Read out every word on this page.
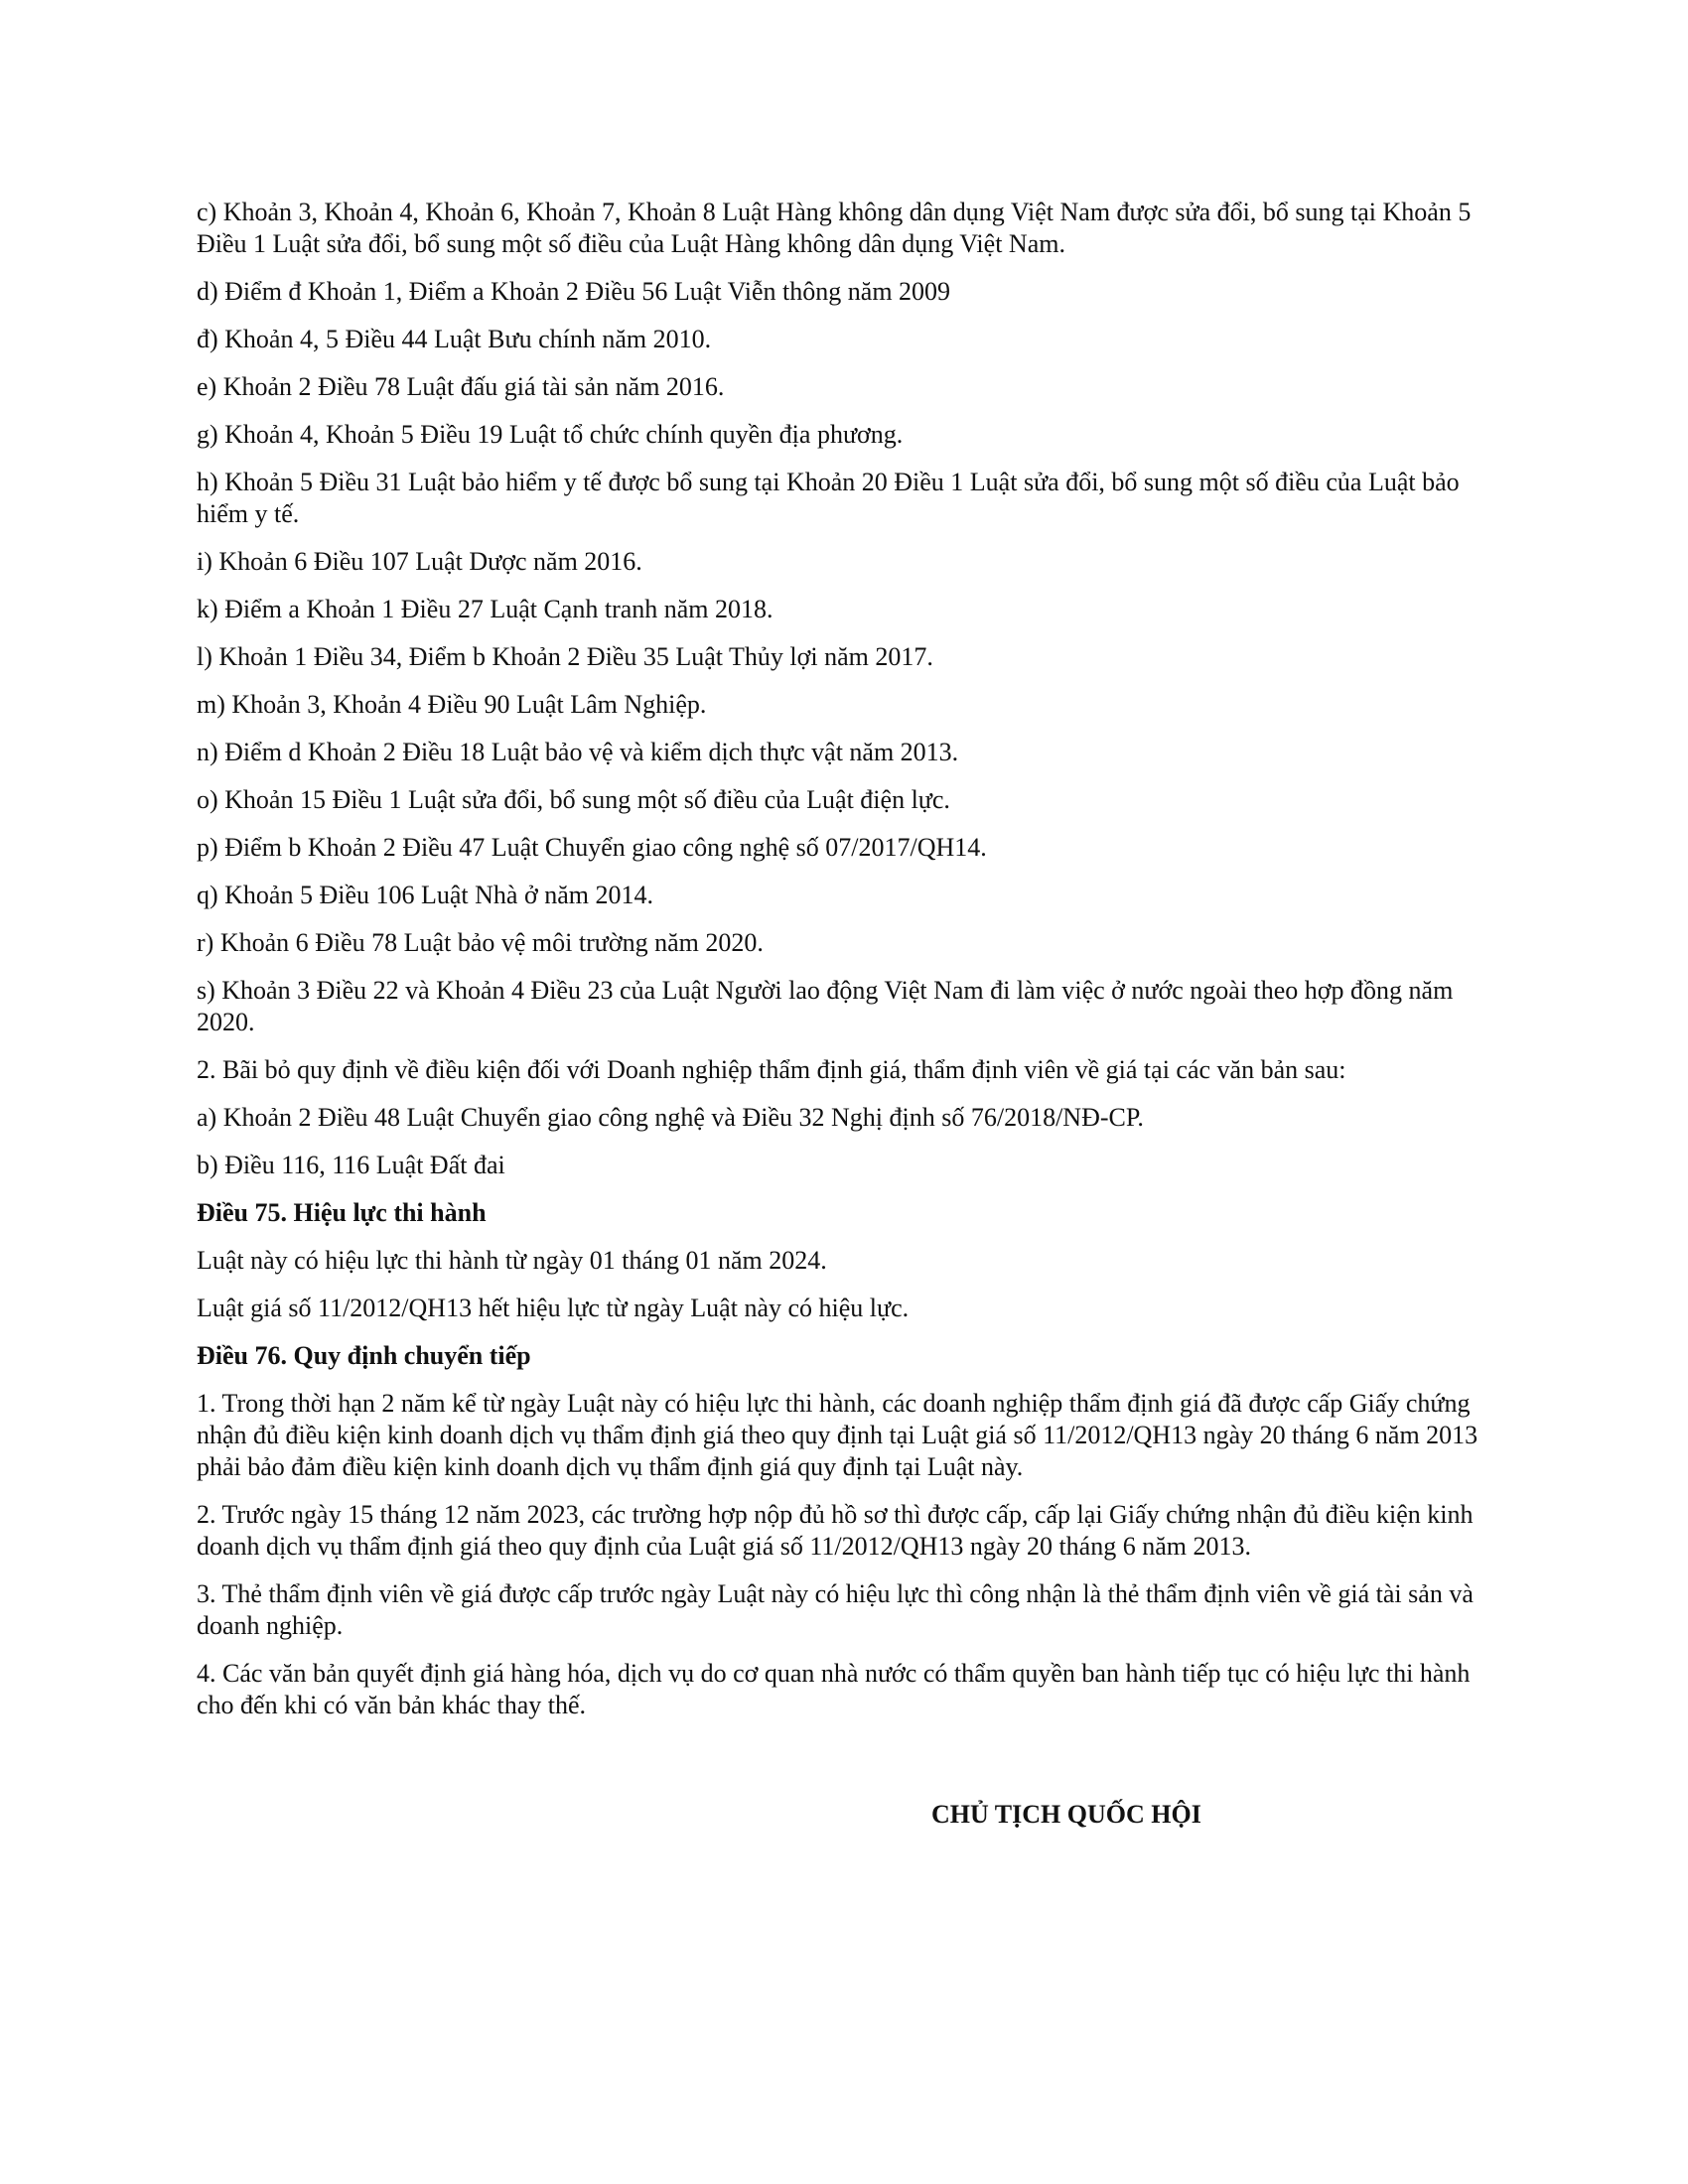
c) Khoản 3, Khoản 4, Khoản 6, Khoản 7, Khoản 8 Luật Hàng không dân dụng Việt Nam được sửa đổi, bổ sung tại Khoản 5 Điều 1 Luật sửa đổi, bổ sung một số điều của Luật Hàng không dân dụng Việt Nam.

d) Điểm đ Khoản 1, Điểm a Khoản 2 Điều 56 Luật Viễn thông năm 2009

đ) Khoản 4, 5 Điều 44 Luật Bưu chính năm 2010.

e) Khoản 2 Điều 78 Luật đấu giá tài sản năm 2016.

g) Khoản 4, Khoản 5 Điều 19 Luật tổ chức chính quyền địa phương.

h) Khoản 5 Điều 31 Luật bảo hiểm y tế được bổ sung tại Khoản 20 Điều 1 Luật sửa đổi, bổ sung một số điều của Luật bảo hiểm y tế.

i) Khoản 6 Điều 107 Luật Dược năm 2016.

k) Điểm a Khoản 1 Điều 27 Luật Cạnh tranh năm 2018.

l) Khoản 1 Điều 34, Điểm b Khoản 2 Điều 35 Luật Thủy lợi năm 2017.

m) Khoản 3, Khoản 4 Điều 90 Luật Lâm Nghiệp.

n) Điểm d Khoản 2 Điều 18 Luật bảo vệ và kiểm dịch thực vật năm 2013.

o) Khoản 15 Điều 1 Luật sửa đổi, bổ sung một số điều của Luật điện lực.

p) Điểm b Khoản 2 Điều 47 Luật Chuyển giao công nghệ số 07/2017/QH14.

q) Khoản 5 Điều 106 Luật Nhà ở năm 2014.

r) Khoản 6 Điều 78 Luật bảo vệ môi trường năm 2020.

s) Khoản 3 Điều 22 và Khoản 4 Điều 23 của Luật Người lao động Việt Nam đi làm việc ở nước ngoài theo hợp đồng năm 2020.

2. Bãi bỏ quy định về điều kiện đối với Doanh nghiệp thẩm định giá, thẩm định viên về giá tại các văn bản sau:

a) Khoản 2 Điều 48 Luật Chuyển giao công nghệ và Điều 32 Nghị định số 76/2018/NĐ-CP.

b) Điều 116, 116 Luật Đất đai

Điều 75. Hiệu lực thi hành

Luật này có hiệu lực thi hành từ ngày 01 tháng 01 năm 2024.

Luật giá số 11/2012/QH13 hết hiệu lực từ ngày Luật này có hiệu lực.

Điều 76. Quy định chuyển tiếp

1. Trong thời hạn 2 năm kể từ ngày Luật này có hiệu lực thi hành, các doanh nghiệp thẩm định giá đã được cấp Giấy chứng nhận đủ điều kiện kinh doanh dịch vụ thẩm định giá theo quy định tại Luật giá số 11/2012/QH13 ngày 20 tháng 6 năm 2013 phải bảo đảm điều kiện kinh doanh dịch vụ thẩm định giá quy định tại Luật này.

2. Trước ngày 15 tháng 12 năm 2023, các trường hợp nộp đủ hồ sơ thì được cấp, cấp lại Giấy chứng nhận đủ điều kiện kinh doanh dịch vụ thẩm định giá theo quy định của Luật giá số 11/2012/QH13 ngày 20 tháng 6 năm 2013.

3. Thẻ thẩm định viên về giá được cấp trước ngày Luật này có hiệu lực thì công nhận là thẻ thẩm định viên về giá tài sản và doanh nghiệp.

4. Các văn bản quyết định giá hàng hóa, dịch vụ do cơ quan nhà nước có thẩm quyền ban hành tiếp tục có hiệu lực thi hành cho đến khi có văn bản khác thay thế.

CHỦ TỊCH QUỐC HỘI
